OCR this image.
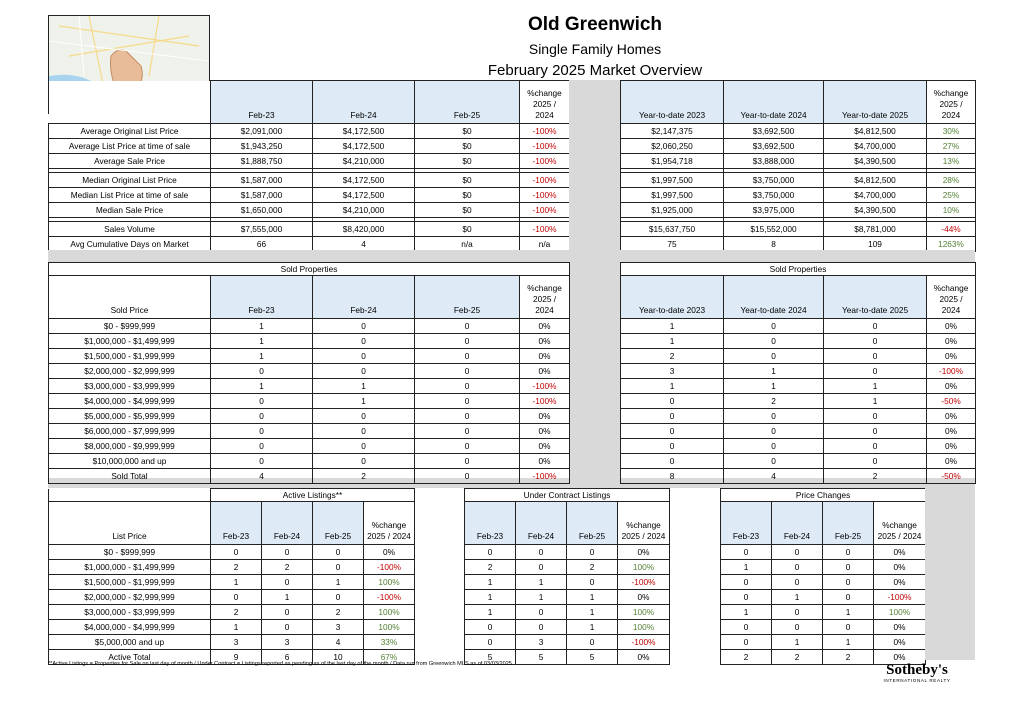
Old Greenwich
Single Family Homes
February 2025 Market Overview
	Feb-23	Feb-24	Feb-25	%change 2025 / 2024
Average Original List Price	$2,091,000	$4,172,500	$0	-100%
Average List Price at time of sale	$1,943,250	$4,172,500	$0	-100%
Average Sale Price	$1,888,750	$4,210,000	$0	-100%

Median Original List Price	$1,587,000	$4,172,500	$0	-100%
Median List Price at time of sale	$1,587,000	$4,172,500	$0	-100%
Median Sale Price	$1,650,000	$4,210,000	$0	-100%

Sales Volume	$7,555,000	$8,420,000	$0	-100%
Avg Cumulative Days on Market	66	4	n/a	n/a
Year-to-date 2023	Year-to-date 2024	Year-to-date 2025	%change 2025 / 2024
$2,147,375	$3,692,500	$4,812,500	30%
$2,060,250	$3,692,500	$4,700,000	27%
$1,954,718	$3,888,000	$4,390,500	13%

$1,997,500	$3,750,000	$4,812,500	28%
$1,997,500	$3,750,000	$4,700,000	25%
$1,925,000	$3,975,000	$4,390,500	10%

$15,637,750	$15,552,000	$8,781,000	-44%
75	8	109	1263%
Sold Properties				
Sold Price	Feb-23	Feb-24	Feb-25	%change 2025 / 2024
$0 - $999,999	1	0	0	0%
$1,000,000 - $1,499,999	1	0	0	0%
$1,500,000 - $1,999,999	1	0	0	0%
$2,000,000 - $2,999,999	0	0	0	0%
$3,000,000 - $3,999,999	1	1	0	-100%
$4,000,000 - $4,999,999	0	1	0	-100%
$5,000,000 - $5,999,999	0	0	0	0%
$6,000,000 - $7,999,999	0	0	0	0%
$8,000,000 - $9,999,999	0	0	0	0%
$10,000,000 and up	0	0	0	0%
Sold Total	4	2	0	-100%
Sold Properties			
Year-to-date 2023	Year-to-date 2024	Year-to-date 2025	%change 2025 / 2024
1	0	0	0%
1	0	0	0%
2	0	0	0%
3	1	0	-100%
1	1	1	0%
0	2	1	-50%
0	0	0	0%
0	0	0	0%
0	0	0	0%
0	0	0	0%
8	4	2	-50%
	Active Listings**			
List Price	Feb-23	Feb-24	Feb-25	%change 2025 / 2024
$0 - $999,999	0	0	0	0%
$1,000,000 - $1,499,999	2	2	0	-100%
$1,500,000 - $1,999,999	1	0	1	100%
$2,000,000 - $2,999,999	0	1	0	-100%
$3,000,000 - $3,999,999	2	0	2	100%
$4,000,000 - $4,999,999	1	0	3	100%
$5,000,000 and up	3	3	4	33%
Active Total	9	6	10	67%
Under Contract Listings			
Feb-23	Feb-24	Feb-25	%change 2025 / 2024
0	0	0	0%
2	0	2	100%
1	1	0	-100%
1	1	1	0%
1	0	1	100%
0	0	1	100%
0	3	0	-100%
5	5	5	0%
Price Changes			
Feb-23	Feb-24	Feb-25	%change 2025 / 2024
0	0	0	0%
1	0	0	0%
0	0	0	0%
0	1	0	-100%
1	0	1	100%
0	0	0	0%
0	1	1	0%
2	2	2	0%
**Active Listings = Properties for Sale on last day of month / Under Contract = Listings reported as pending as of the last day of the month / Data run from Greenwich MLS as of 03/03/2025	Sotheby's
INTERNATIONAL REALTY
